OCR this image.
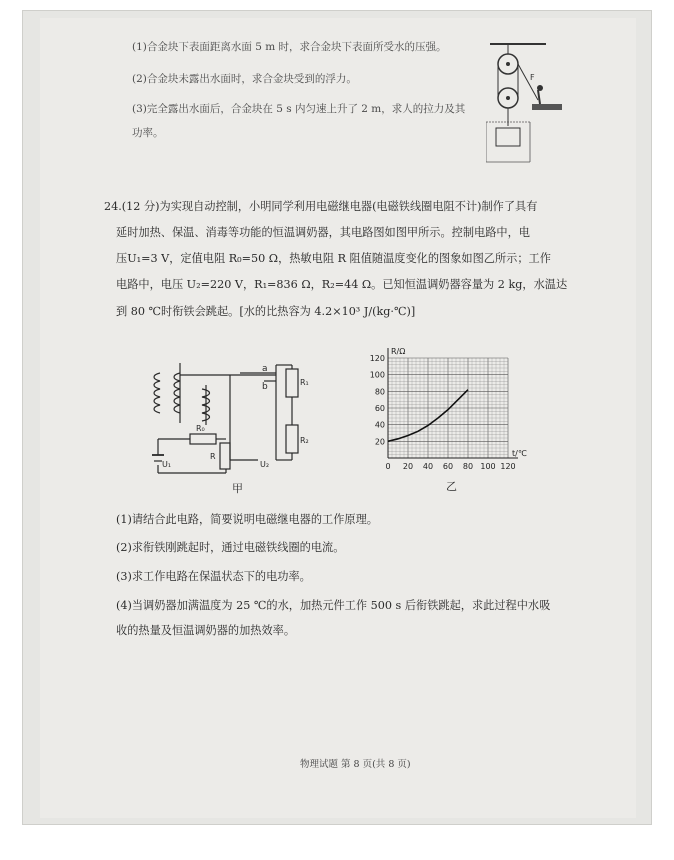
(1)合金块下表面距离水面 5 m 时，求合金块下表面所受水的压强。
(2)合金块未露出水面时，求合金块受到的浮力。
(3)完全露出水面后，合金块在 5 s 内匀速上升了 2 m，求人的拉力及其
功率。
F
24.(12 分)为实现自动控制，小明同学利用电磁继电器(电磁铁线圈电阻不计)制作了具有
延时加热、保温、消毒等功能的恒温调奶器，其电路图如图甲所示。控制电路中，电
压U₁=3 V，定值电阻 R₀=50 Ω，热敏电阻 R 阻值随温度变化的图象如图乙所示；工作
电路中，电压 U₂=220 V，R₁=836 Ω，R₂=44 Ω。已知恒温调奶器容量为 2 kg，水温达
到 80 ℃时衔铁会跳起。[水的比热容为 4.2×10³ J/(kg·℃)]
a
b	R₁
R₂
R₀
R
U₁	U₂
甲
0 20 40 60 80 100 120
20
40
60
80
100
120
R/Ω
t/℃
乙
(1)请结合此电路，简要说明电磁继电器的工作原理。
(2)求衔铁刚跳起时，通过电磁铁线圈的电流。
(3)求工作电路在保温状态下的电功率。
(4)当调奶器加满温度为 25 ℃的水，加热元件工作 500 s 后衔铁跳起，求此过程中水吸
收的热量及恒温调奶器的加热效率。
物理试题 第 8 页(共 8 页)
